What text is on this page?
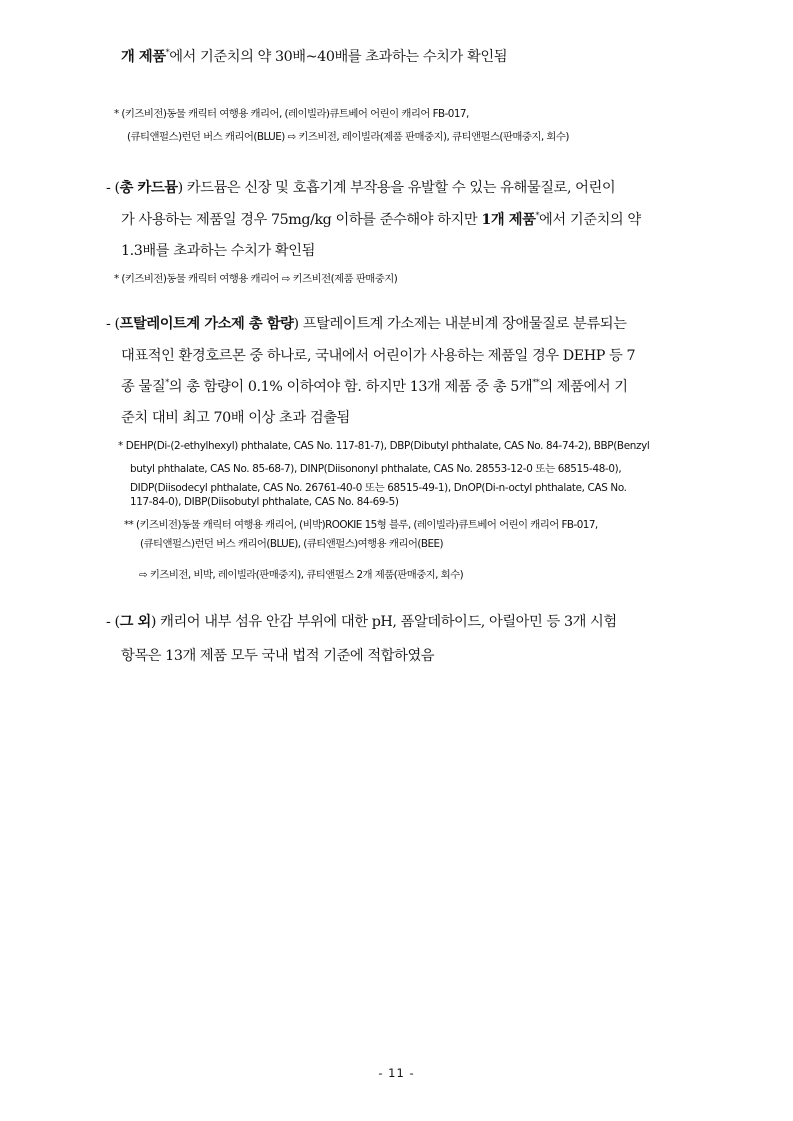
개 제품*에서 기준치의 약 30배~40배를 초과하는 수치가 확인됨
* (키즈비전)동물 캐릭터 여행용 캐리어, (레이빌라)큐트베어 어린이 캐리어 FB-017,
(큐티앤펄스)런던 버스 캐리어(BLUE) ⇨ 키즈비전, 레이빌라(제품 판매중지), 큐티앤펄스(판매중지, 회수)
- (총 카드뮴) 카드뮴은 신장 및 호흡기계 부작용을 유발할 수 있는 유해물질로, 어린이
가 사용하는 제품일 경우 75mg/kg 이하를 준수해야 하지만 1개 제품*에서 기준치의 약
1.3배를 초과하는 수치가 확인됨
* (키즈비전)동물 캐릭터 여행용 캐리어 ⇨ 키즈비전(제품 판매중지)
- (프탈레이트계 가소제 총 함량) 프탈레이트계 가소제는 내분비계 장애물질로 분류되는
대표적인 환경호르몬 중 하나로, 국내에서 어린이가 사용하는 제품일 경우 DEHP 등 7
종 물질*의 총 함량이 0.1% 이하여야 함. 하지만 13개 제품 중 총 5개**의 제품에서 기
준치 대비 최고 70배 이상 초과 검출됨
* DEHP(Di-(2-ethylhexyl) phthalate, CAS No. 117-81-7), DBP(Dibutyl phthalate, CAS No. 84-74-2), BBP(Benzyl
butyl phthalate, CAS No. 85-68-7), DINP(Diisononyl phthalate, CAS No. 28553-12-0 또는 68515-48-0),
DIDP(Diisodecyl phthalate, CAS No. 26761-40-0 또는 68515-49-1), DnOP(Di-n-octyl phthalate, CAS No.
117-84-0), DIBP(Diisobutyl phthalate, CAS No. 84-69-5)
** (키즈비전)동물 캐릭터 여행용 캐리어, (비박)ROOKIE 15형 블루, (레이빌라)큐트베어 어린이 캐리어 FB-017,
(큐티앤펄스)런던 버스 캐리어(BLUE), (큐티앤펄스)여행용 캐리어(BEE)
⇨ 키즈비전, 비박, 레이빌라(판매중지), 큐티앤펄스 2개 제품(판매중지, 회수)
- (그 외) 캐리어 내부 섬유 안감 부위에 대한 pH, 폼알데하이드, 아릴아민 등 3개 시험
항목은 13개 제품 모두 국내 법적 기준에 적합하였음
- 11 -
